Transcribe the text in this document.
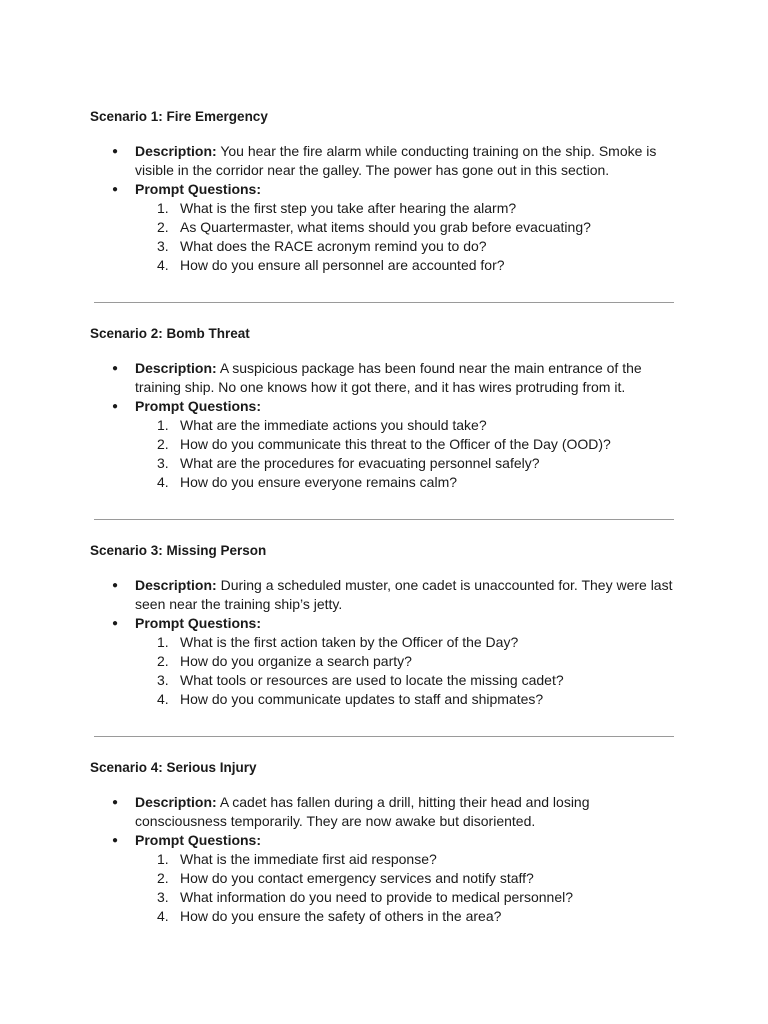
Scenario 1: Fire Emergency

● Description: You hear the fire alarm while conducting training on the ship. Smoke is visible in the corridor near the galley. The power has gone out in this section.
● Prompt Questions:
1. What is the first step you take after hearing the alarm?
2. As Quartermaster, what items should you grab before evacuating?
3. What does the RACE acronym remind you to do?
4. How do you ensure all personnel are accounted for?

Scenario 2: Bomb Threat

● Description: A suspicious package has been found near the main entrance of the training ship. No one knows how it got there, and it has wires protruding from it.
● Prompt Questions:
1. What are the immediate actions you should take?
2. How do you communicate this threat to the Officer of the Day (OOD)?
3. What are the procedures for evacuating personnel safely?
4. How do you ensure everyone remains calm?

Scenario 3: Missing Person

● Description: During a scheduled muster, one cadet is unaccounted for. They were last seen near the training ship’s jetty.
● Prompt Questions:
1. What is the first action taken by the Officer of the Day?
2. How do you organize a search party?
3. What tools or resources are used to locate the missing cadet?
4. How do you communicate updates to staff and shipmates?

Scenario 4: Serious Injury

● Description: A cadet has fallen during a drill, hitting their head and losing consciousness temporarily. They are now awake but disoriented.
● Prompt Questions:
1. What is the immediate first aid response?
2. How do you contact emergency services and notify staff?
3. What information do you need to provide to medical personnel?
4. How do you ensure the safety of others in the area?
